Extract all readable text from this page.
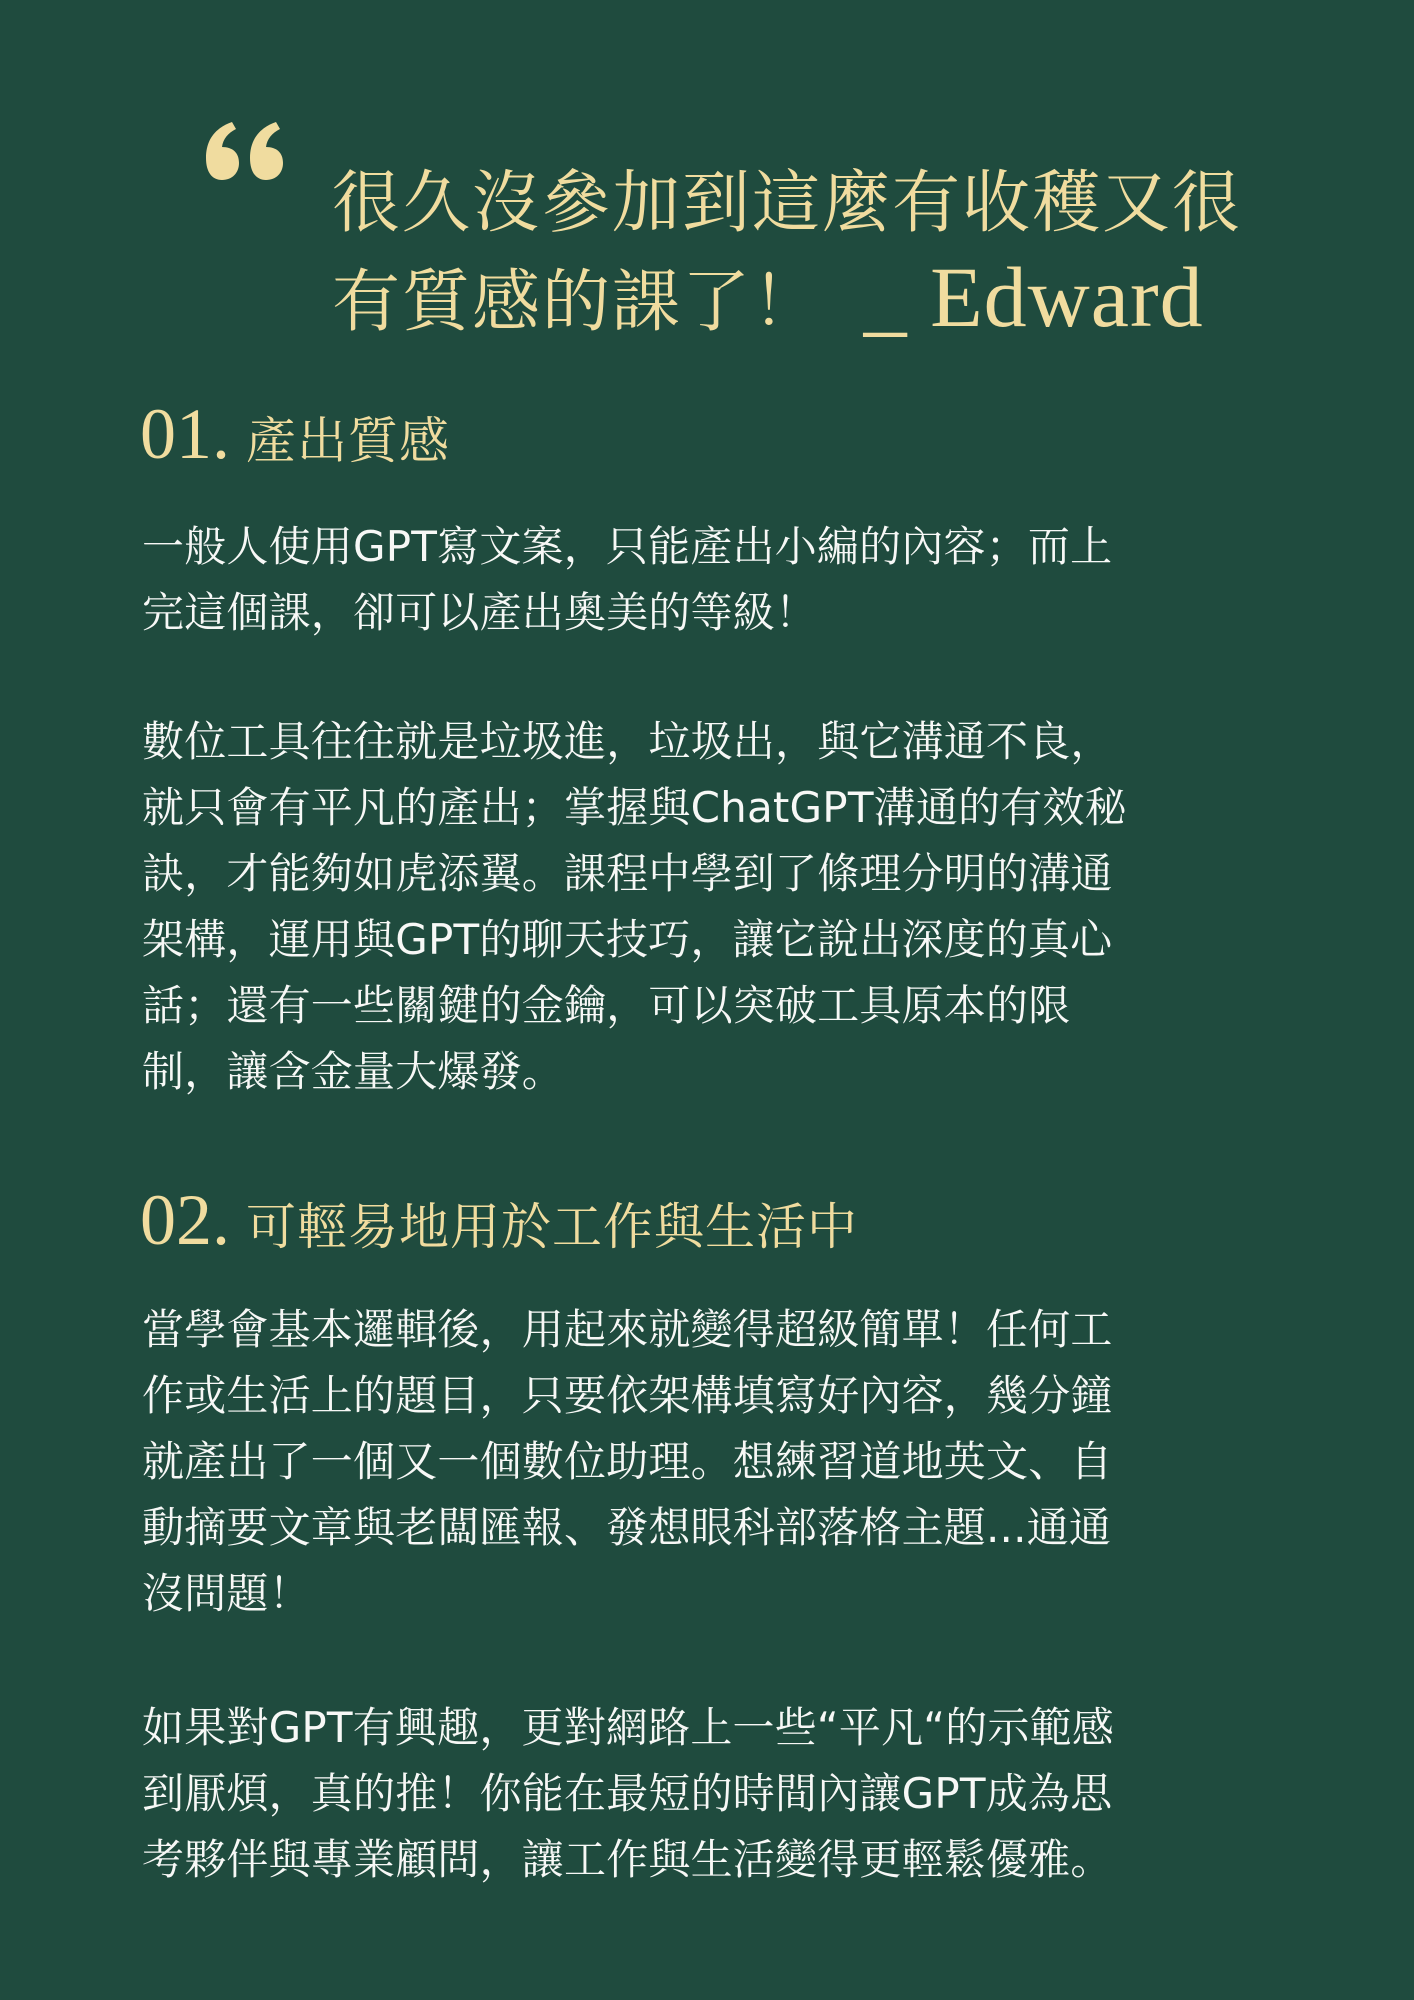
很久沒參加到這麼有收穫又很
有質感的課了！ _ Edward
01. 產出質感
一般人使用GPT寫文案，只能產出小編的內容；而上
完這個課，卻可以產出奧美的等級！
數位工具往往就是垃圾進，垃圾出，與它溝通不良，
就只會有平凡的產出；掌握與ChatGPT溝通的有效秘
訣，才能夠如虎添翼。課程中學到了條理分明的溝通
架構，運用與GPT的聊天技巧，讓它說出深度的真心
話；還有一些關鍵的金鑰，可以突破工具原本的限
制，讓含金量大爆發。
02. 可輕易地用於工作與生活中
當學會基本邏輯後，用起來就變得超級簡單！任何工
作或生活上的題目，只要依架構填寫好內容，幾分鐘
就產出了一個又一個數位助理。想練習道地英文、自
動摘要文章與老闆匯報、發想眼科部落格主題...通通
沒問題！
如果對GPT有興趣，更對網路上一些“平凡“的示範感
到厭煩，真的推！你能在最短的時間內讓GPT成為思
考夥伴與專業顧問，讓工作與生活變得更輕鬆優雅。
